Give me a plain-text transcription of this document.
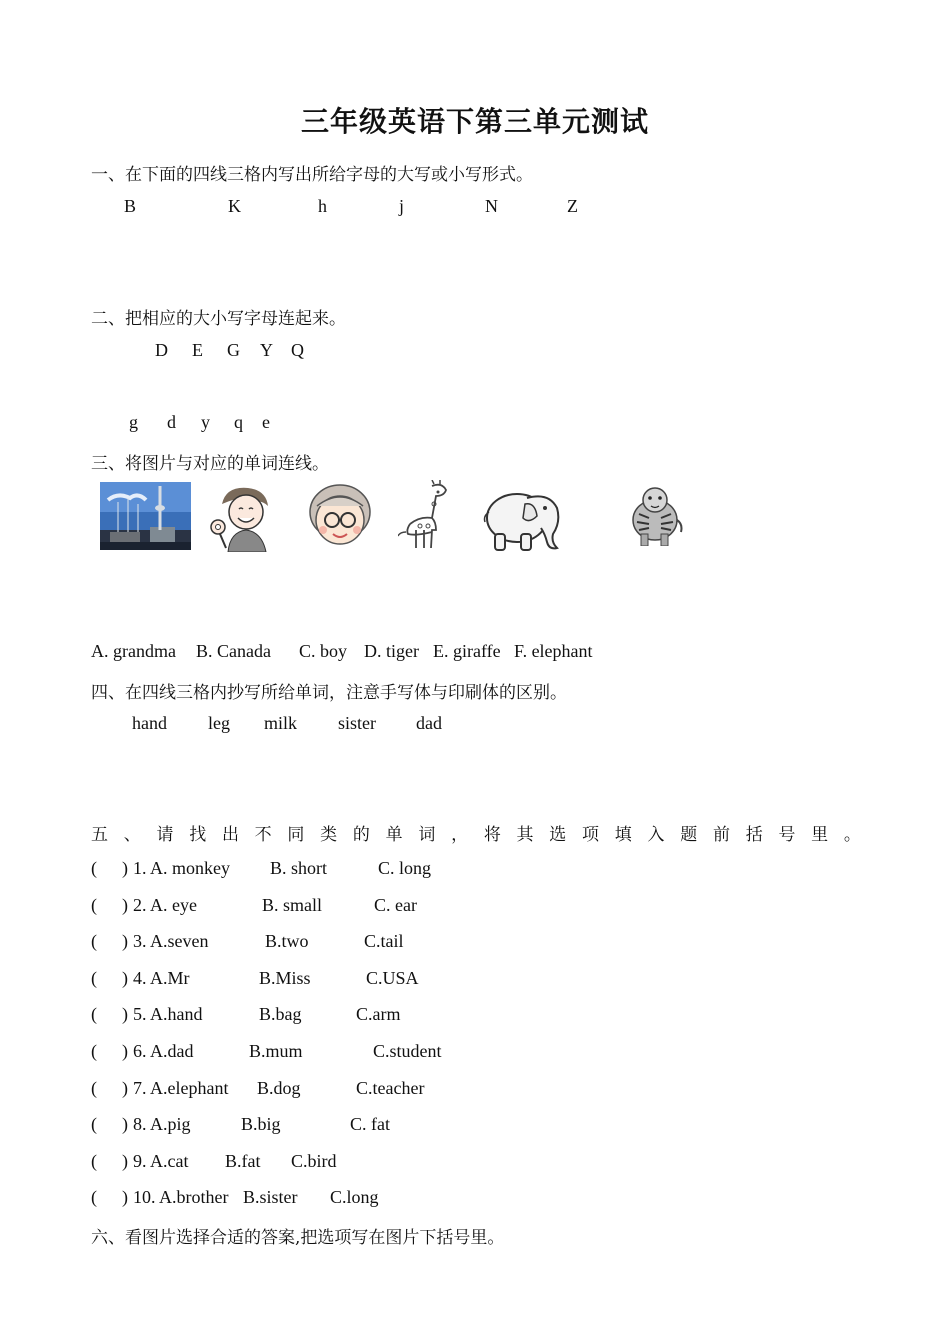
三年级英语下第三单元测试
一、在下面的四线三格内写出所给字母的大写或小写形式。
B	K	h	j	N	Z
二、把相应的大小写字母连起来。
D E G Y Q
g d y q e
三、将图片与对应的单词连线。
A. grandma B. Canada C. boy D. tiger E. giraffe F. elephant
四、在四线三格内抄写所给单词，注意手写体与印刷体的区别。
hand leg milk sister dad
五 、 请 找 出 不 同 类 的 单 词 ， 将 其 选 项 填 入 题 前 括 号 里 。
( ) 1. A. monkey B. short	C. long
( ) 2. A. eye	B. small	C. ear
( ) 3. A.seven	B.two	C.tail
( ) 4. A.Mr	B.Miss	C.USA
( ) 5. A.hand	B.bag	C.arm
( ) 6. A.dad	B.mum	C.student
( ) 7. A.elephant B.dog	C.teacher
( ) 8. A.pig	B.big	C. fat
( ) 9. A.cat B.fat C.bird
( ) 10. A.brother B.sister C.long
六、看图片选择合适的答案,把选项写在图片下括号里。
